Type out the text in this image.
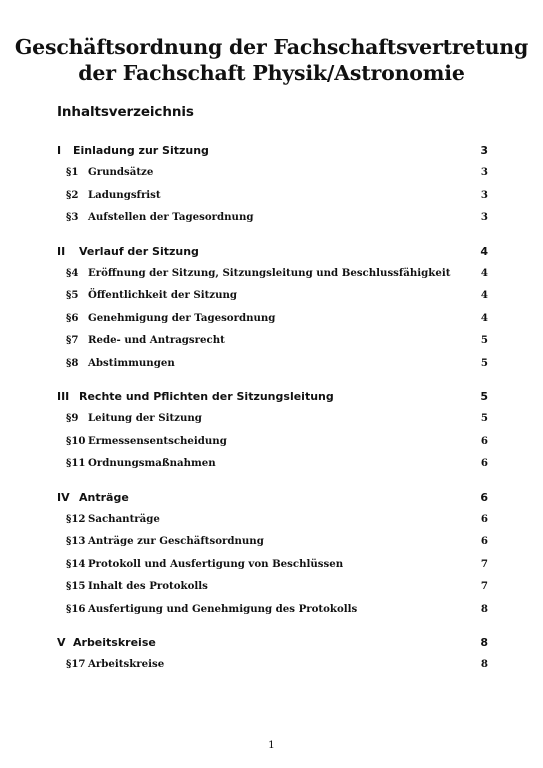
Geschäftsordnung der Fachschaftsvertretung
der Fachschaft Physik/Astronomie
Inhaltsverzeichnis
I	Einladung zur Sitzung	3
§1 Grundsätze	3
§2 Ladungsfrist	3
§3 Aufstellen der Tagesordnung	3
II	Verlauf der Sitzung	4
§4 Eröffnung der Sitzung, Sitzungsleitung und Beschlussfähigkeit	4
§5 Öffentlichkeit der Sitzung	4
§6 Genehmigung der Tagesordnung	4
§7 Rede- und Antragsrecht	5
§8 Abstimmungen	5
III Rechte und Pflichten der Sitzungsleitung	5
§9 Leitung der Sitzung	5
§10 Ermessensentscheidung	6
§11 Ordnungsmaßnahmen	6
IV Anträge	6
§12 Sachanträge	6
§13 Anträge zur Geschäftsordnung	6
§14 Protokoll und Ausfertigung von Beschlüssen	7
§15 Inhalt des Protokolls	7
§16 Ausfertigung und Genehmigung des Protokolls	8
V Arbeitskreise	8
§17 Arbeitskreise	8
1
